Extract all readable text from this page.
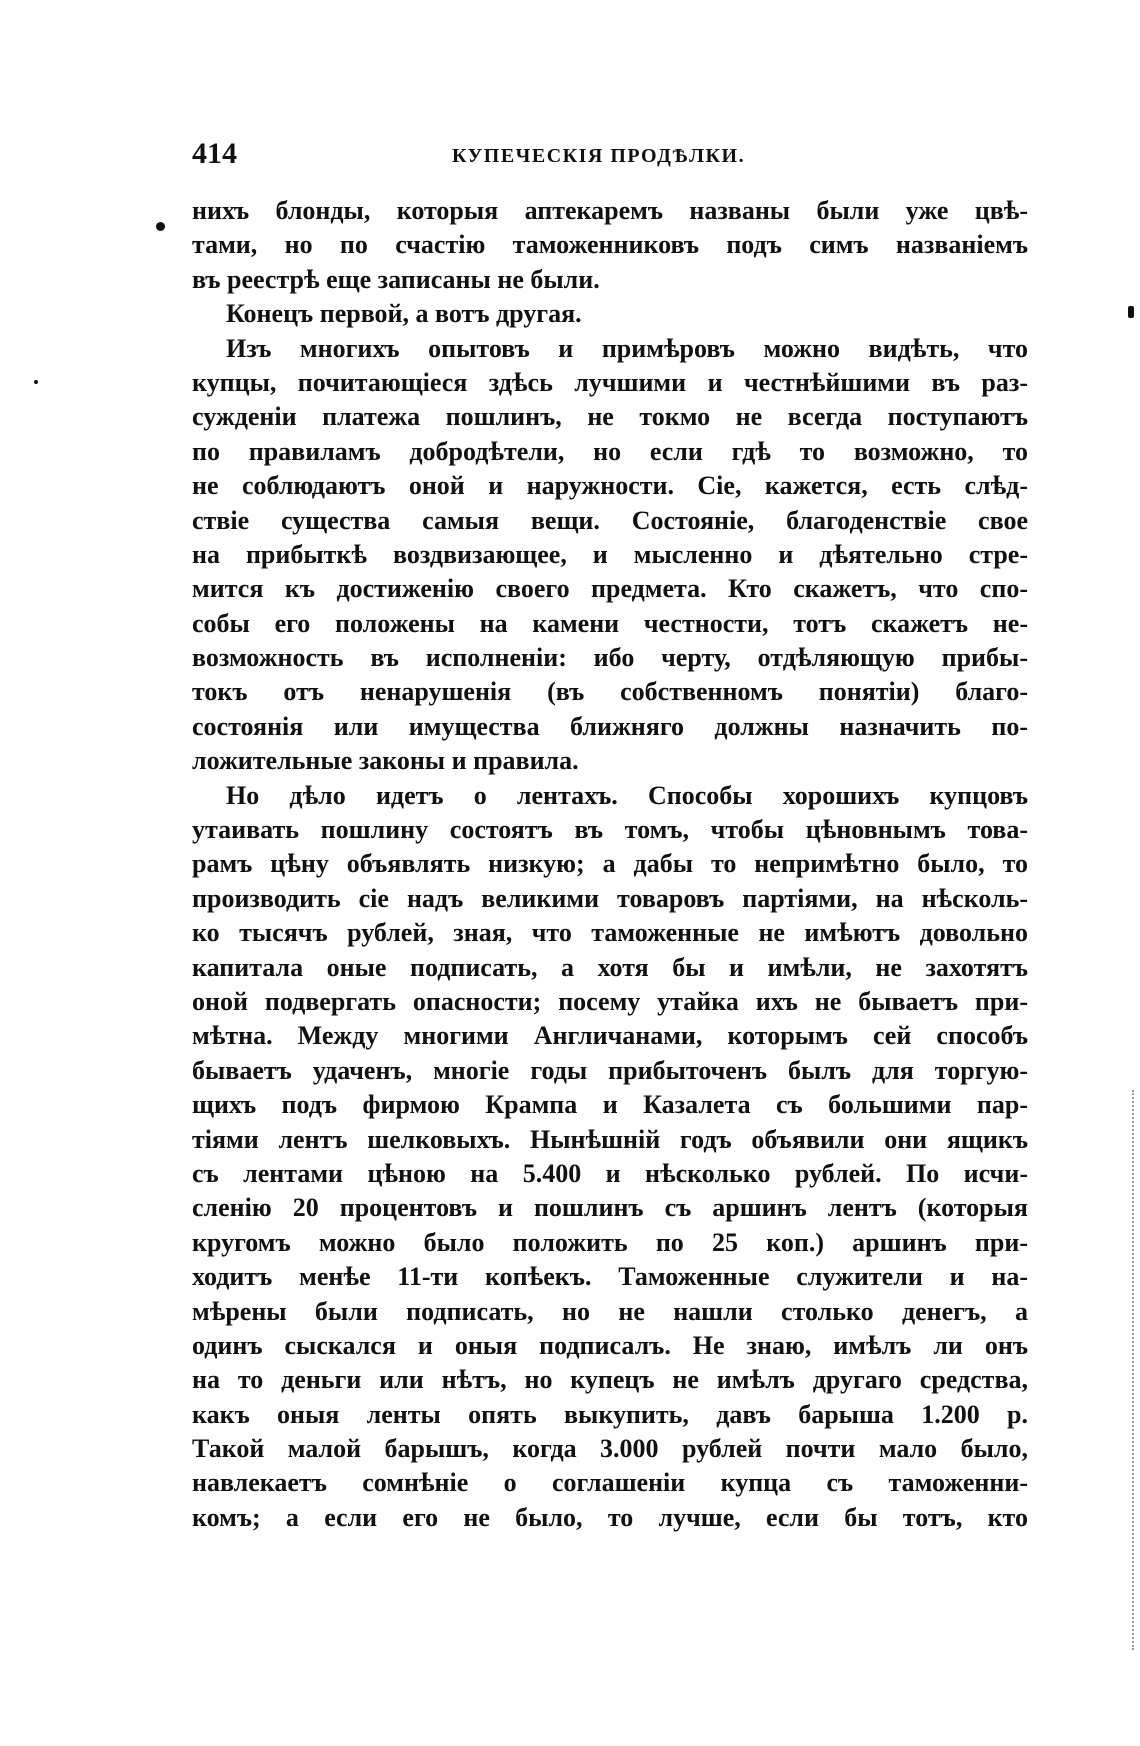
414	КУПЕЧЕСКІЯ ПРОДѢЛКИ.
нихъ блонды, которыя аптекаремъ названы были уже цвѣ-
тами, но по счастію таможенниковъ подъ симъ названіемъ
въ реестрѣ еще записаны не были.
Конецъ первой, а вотъ другая.
Изъ многихъ опытовъ и примѣровъ можно видѣть, что
купцы, почитающіеся здѣсь лучшими и честнѣйшими въ раз-
сужденіи платежа пошлинъ, не токмо не всегда поступаютъ
по правиламъ добродѣтели, но если гдѣ то возможно, то
не соблюдаютъ оной и наружности. Сіе, кажется, есть слѣд-
ствіе существа самыя вещи. Состояніе, благоденствіе свое
на прибыткѣ воздвизающее, и мысленно и дѣятельно стре-
мится къ достиженію своего предмета. Кто скажетъ, что спо-
собы его положены на камени честности, тотъ скажетъ не-
возможность въ исполненіи: ибо черту, отдѣляющую прибы-
токъ отъ ненарушенія (въ собственномъ понятіи) благо-
состоянія или имущества ближняго должны назначить по-
ложительные законы и правила.
Но дѣло идетъ о лентахъ. Способы хорошихъ купцовъ
утаивать пошлину состоятъ въ томъ, чтобы цѣновнымъ това-
рамъ цѣну объявлять низкую; а дабы то непримѣтно было, то
производить сіе надъ великими товаровъ партіями, на нѣсколь-
ко тысячъ рублей, зная, что таможенные не имѣютъ довольно
капитала оные подписать, а хотя бы и имѣли, не захотятъ
оной подвергать опасности; посему утайка ихъ не бываетъ при-
мѣтна. Между многими Англичанами, которымъ сей способъ
бываетъ удаченъ, многіе годы прибыточенъ былъ для торгую-
щихъ подъ фирмою Крампа и Казалета съ большими пар-
тіями лентъ шелковыхъ. Нынѣшній годъ объявили они ящикъ
съ лентами цѣною на 5.400 и нѣсколько рублей. По исчи-
сленію 20 процентовъ и пошлинъ съ аршинъ лентъ (которыя
кругомъ можно было положить по 25 коп.) аршинъ при-
ходитъ менѣе 11-ти копѣекъ. Таможенные служители и на-
мѣрены были подписать, но не нашли столько денегъ, а
одинъ сыскался и оныя подписалъ. Не знаю, имѣлъ ли онъ
на то деньги или нѣтъ, но купецъ не имѣлъ другаго средства,
какъ оныя ленты опять выкупить, давъ барыша 1.200 р.
Такой малой барышъ, когда 3.000 рублей почти мало было,
навлекаетъ сомнѣніе о соглашеніи купца съ таможенни-
комъ; а если его не было, то лучше, если бы тотъ, кто
